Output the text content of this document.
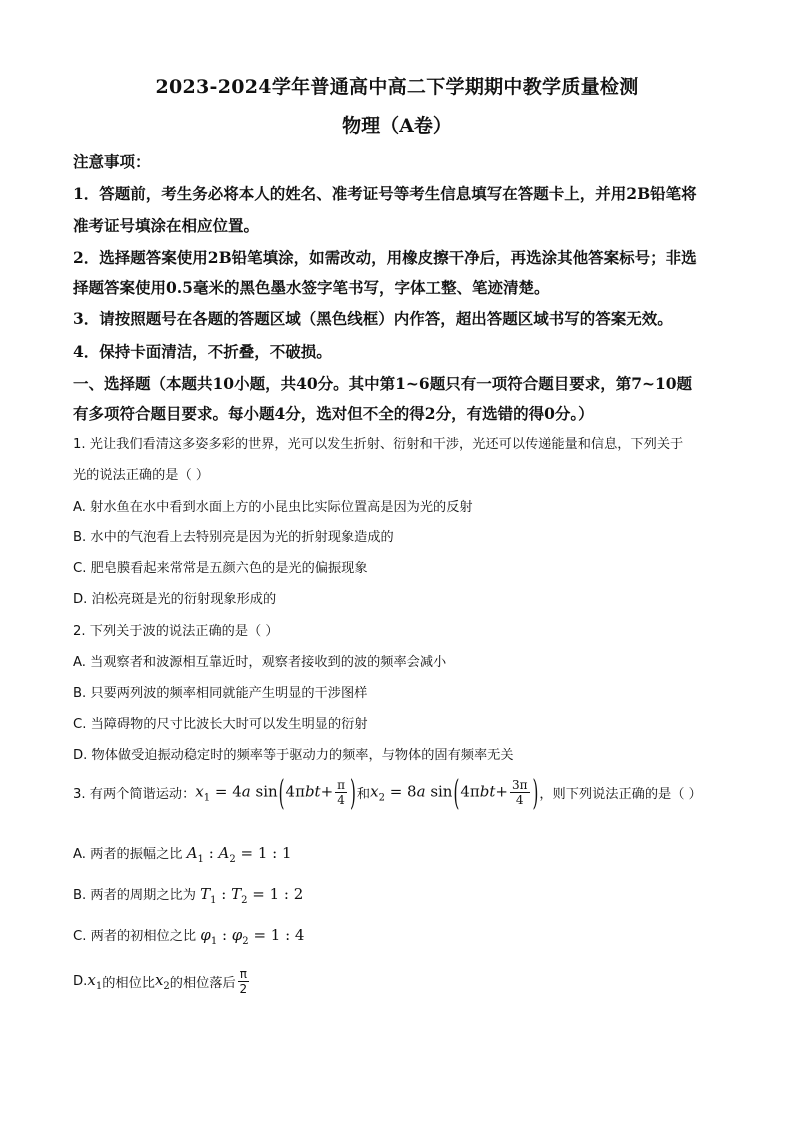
2023-2024学年普通高中高二下学期期中教学质量检测
物理（A卷）
注意事项：
1．答题前，考生务必将本人的姓名、准考证号等考生信息填写在答题卡上，并用2B铅笔将
准考证号填涂在相应位置。
2．选择题答案使用2B铅笔填涂，如需改动，用橡皮擦干净后，再选涂其他答案标号；非选
择题答案使用0.5毫米的黑色墨水签字笔书写，字体工整、笔迹清楚。
3．请按照题号在各题的答题区域（黑色线框）内作答，超出答题区域书写的答案无效。
4．保持卡面清洁，不折叠，不破损。
一、选择题（本题共10小题，共40分。其中第1~6题只有一项符合题目要求，第7~10题
有多项符合题目要求。每小题4分，选对但不全的得2分，有选错的得0分。）
1. 光让我们看清这多姿多彩的世界，光可以发生折射、衍射和干涉，光还可以传递能量和信息，下列关于
光的说法正确的是（ ）
A. 射水鱼在水中看到水面上方的小昆虫比实际位置高是因为光的反射
B. 水中的气泡看上去特别亮是因为光的折射现象造成的
C. 肥皂膜看起来常常是五颜六色的是光的偏振现象
D. 泊松亮斑是光的衍射现象形成的
2. 下列关于波的说法正确的是（ ）
A. 当观察者和波源相互靠近时，观察者接收到的波的频率会减小
B. 只要两列波的频率相同就能产生明显的干涉图样
C. 当障碍物的尺寸比波长大时可以发生明显的衍射
D. 物体做受迫振动稳定时的频率等于驱动力的频率，与物体的固有频率无关
3. 有两个简谐运动： $x_1 = 4a$ $\sin(4\pi bt+ \frac{\pi}{4}$ ) 和 $x_2 = 8a$ $\sin(4\pi bt+ \frac{3\pi}{4}$ ) ，则下列说法正确的是（ ）
A. 两者的振幅之比 $A_1$ : $A_2 = 1$ : 1
B. 两者的周期之比为 $T_1$ : $T_2 = 1$ : 2
C. 两者的初相位之比 $\varphi_1$ : $\varphi_2 = 1$ : 4
D. $x_1$ 的相位比 $x_2$ 的相位落后 $\frac{\pi}{2}$
